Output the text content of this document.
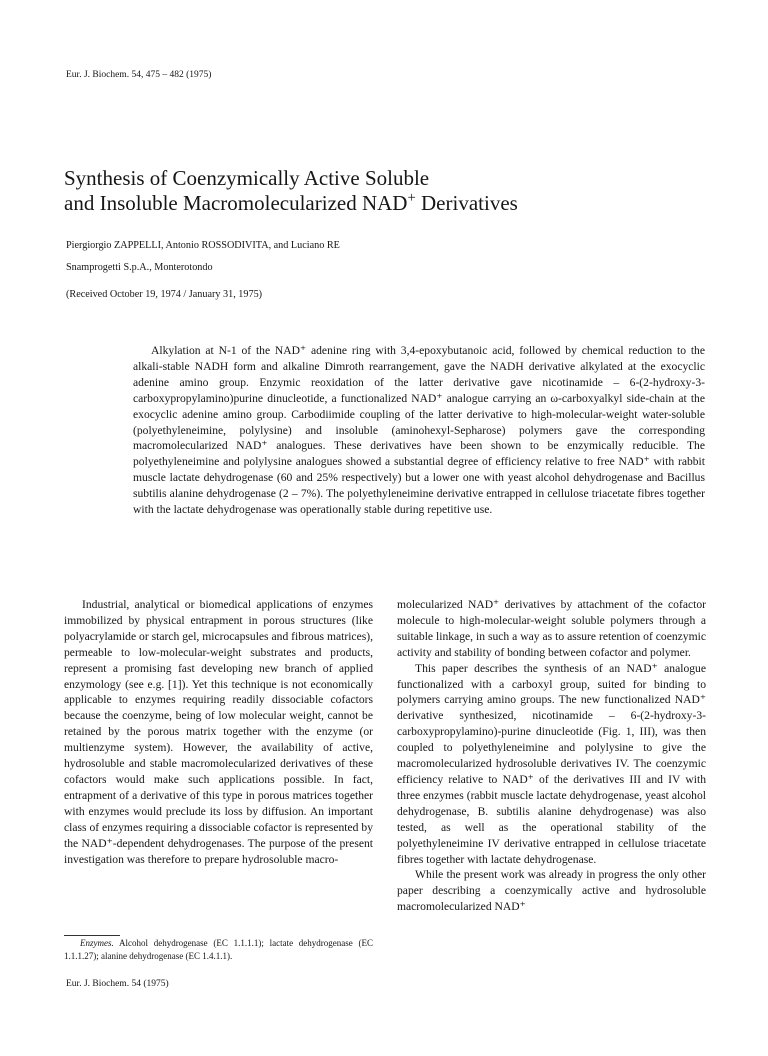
Eur. J. Biochem. 54, 475 – 482 (1975)
Synthesis of Coenzymically Active Soluble
and Insoluble Macromolecularized NAD+ Derivatives
Piergiorgio ZAPPELLI, Antonio ROSSODIVITA, and Luciano RE
Snamprogetti S.p.A., Monterotondo
(Received October 19, 1974 / January 31, 1975)

Alkylation at N-1 of the NAD⁺ adenine ring with 3,4-epoxybutanoic acid, followed by chemical reduction to the alkali-stable NADH form and alkaline Dimroth rearrangement, gave the NADH derivative alkylated at the exocyclic adenine amino group. Enzymic reoxidation of the latter derivative gave nicotinamide – 6-(2-hydroxy-3-carboxypropylamino)purine dinucleotide, a functionalized NAD⁺ analogue carrying an ω-carboxyalkyl side-chain at the exocyclic adenine amino group. Carbodiimide coupling of the latter derivative to high-molecular-weight water-soluble (polyethyleneimine, polylysine) and insoluble (aminohexyl-Sepharose) polymers gave the corresponding macromolecularized NAD⁺ analogues. These derivatives have been shown to be enzymically reducible. The polyethyleneimine and polylysine analogues showed a substantial degree of efficiency relative to free NAD⁺ with rabbit muscle lactate dehydrogenase (60 and 25% respectively) but a lower one with yeast alcohol dehydrogenase and Bacillus subtilis alanine dehydrogenase (2 – 7%). The polyethyleneimine derivative entrapped in cellulose triacetate fibres together with the lactate dehydrogenase was operationally stable during repetitive use.

Industrial, analytical or biomedical applications of enzymes immobilized by physical entrapment in porous structures (like polyacrylamide or starch gel, microcapsules and fibrous matrices), permeable to low-molecular-weight substrates and products, represent a promising fast developing new branch of applied enzymology (see e.g. [1]). Yet this technique is not economically applicable to enzymes requiring readily dissociable cofactors because the coenzyme, being of low molecular weight, cannot be retained by the porous matrix together with the enzyme (or multienzyme system). However, the availability of active, hydrosoluble and stable macromolecularized derivatives of these cofactors would make such applications possible. In fact, entrapment of a derivative of this type in porous matrices together with enzymes would preclude its loss by diffusion. An important class of enzymes requiring a dissociable cofactor is represented by the NAD⁺-dependent dehydrogenases. The purpose of the present investigation was therefore to prepare hydrosoluble macro-

molecularized NAD⁺ derivatives by attachment of the cofactor molecule to high-molecular-weight soluble polymers through a suitable linkage, in such a way as to assure retention of coenzymic activity and stability of bonding between cofactor and polymer.

This paper describes the synthesis of an NAD⁺ analogue functionalized with a carboxyl group, suited for binding to polymers carrying amino groups. The new functionalized NAD⁺ derivative synthesized, nicotinamide – 6-(2-hydroxy-3-carboxypropylamino)-purine dinucleotide (Fig. 1, III), was then coupled to polyethyleneimine and polylysine to give the macromolecularized hydrosoluble derivatives IV. The coenzymic efficiency relative to NAD⁺ of the derivatives III and IV with three enzymes (rabbit muscle lactate dehydrogenase, yeast alcohol dehydrogenase, B. subtilis alanine dehydrogenase) was also tested, as well as the operational stability of the polyethyleneimine IV derivative entrapped in cellulose triacetate fibres together with lactate dehydrogenase.

While the present work was already in progress the only other paper describing a coenzymically active and hydrosoluble macromolecularized NAD⁺

Enzymes. Alcohol dehydrogenase (EC 1.1.1.1); lactate dehydrogenase (EC 1.1.1.27); alanine dehydrogenase (EC 1.4.1.1).

Eur. J. Biochem. 54 (1975)
